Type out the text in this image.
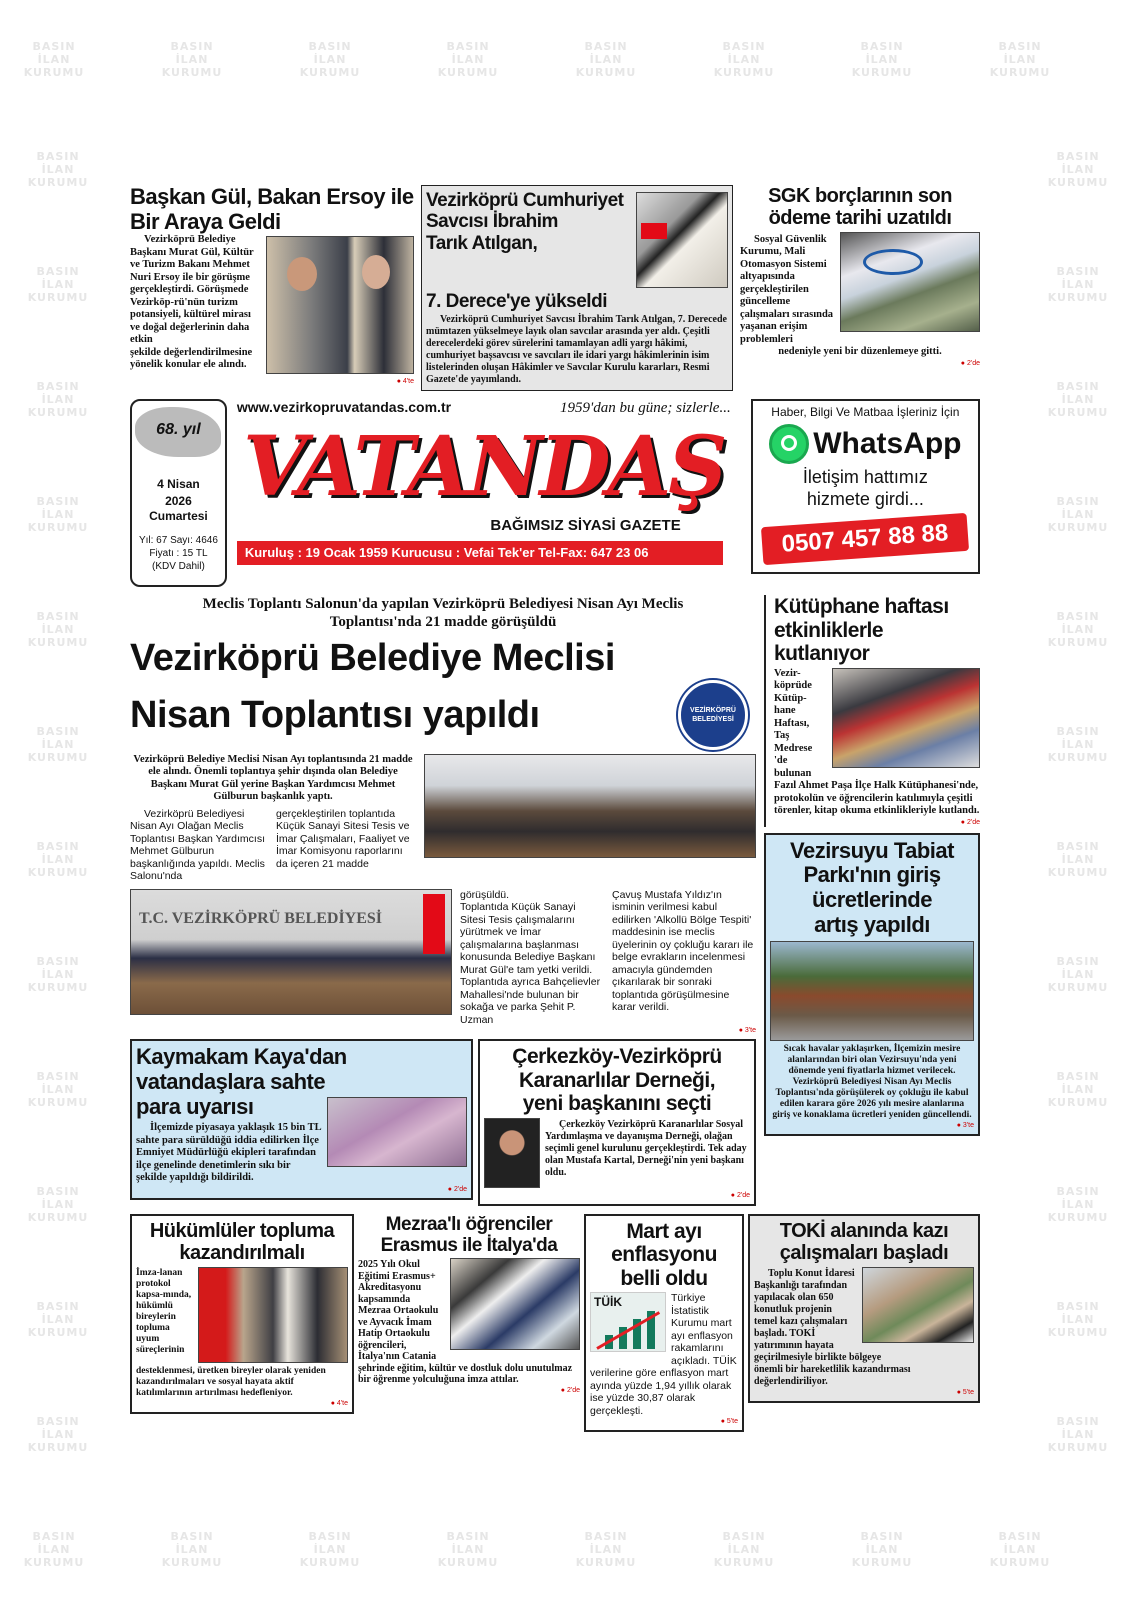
BASIN İLAN
KURUMU
BASIN İLAN
KURUMU
BASIN İLAN
KURUMU
BASIN İLAN
KURUMU
BASIN İLAN
KURUMU
BASIN İLAN
KURUMU
BASIN İLAN
KURUMU
BASIN İLAN
KURUMU
BASIN İLAN
KURUMU
BASIN İLAN
KURUMU
BASIN İLAN
KURUMU
BASIN İLAN
KURUMU
BASIN İLAN
KURUMU
BASIN İLAN
KURUMU
BASIN İLAN
KURUMU
BASIN İLAN
KURUMU
BASIN İLAN
KURUMU
BASIN İLAN
KURUMU
BASIN İLAN
KURUMU
BASIN İLAN
KURUMU
BASIN İLAN
KURUMU
BASIN İLAN
KURUMU
BASIN İLAN
KURUMU
BASIN İLAN
KURUMU
BASIN İLAN
KURUMU
BASIN İLAN
KURUMU
BASIN İLAN
KURUMU
BASIN İLAN
KURUMU
BASIN İLAN
KURUMU
BASIN İLAN
KURUMU
BASIN İLAN
KURUMU
BASIN İLAN
KURUMU
BASIN İLAN
KURUMU
BASIN İLAN
KURUMU
BASIN İLAN
KURUMU
BASIN İLAN
KURUMU
BASIN İLAN
KURUMU
BASIN İLAN
KURUMU
BASIN İLAN
KURUMU
BASIN İLAN
KURUMU
Başkan Gül, Bakan Ersoy ile Bir Araya Geldi

Vezirköprü Belediye Başkanı Murat Gül, Kültür ve Turizm Bakanı Mehmet Nuri Ersoy ile bir görüşme gerçekleştirdi. Görüşmede Vezirköp-rü'nün turizm potansiyeli, kültürel mirası ve doğal değerlerinin daha etkin

şekilde değerlendirilmesine yönelik konular ele alındı.

● 4'te
Vezirköprü Cumhuriyet
Savcısı İbrahim
Tarık Atılgan,
7. Derece'ye yükseldi

Vezirköprü Cumhuriyet Savcısı İbrahim Tarık Atılgan, 7. Derecede mümtazen yükselmeye layık olan savcılar arasında yer aldı. Çeşitli derecelerdeki görev sürelerini tamamlayan adli yargı hâkimi, cumhuriyet başsavcısı ve savcıları ile idari yargı hâkimlerinin isim listelerinden oluşan Hâkimler ve Savcılar Kurulu kararları, Resmi Gazete'de yayımlandı.

SGK borçlarının son
ödeme tarihi uzatıldı

Sosyal Güvenlik Kurumu, Mali Otomasyon Sistemi altyapısında gerçekleştirilen güncelleme çalışmaları sırasında yaşanan erişim problemleri

nedeniyle yeni bir düzenlemeye gitti.

● 2'de
68. yıl
4 Nisan
2026
Cumartesi
Yıl: 67 Sayı: 4646
Fiyatı : 15 TL
(KDV Dahil)
www.vezirkopruvatandas.com.tr	1959'dan bu güne; sizlerle...
VATANDAŞ
BAĞIMSIZ SİYASİ GAZETE
Kuruluş : 19 Ocak 1959 Kurucusu : Vefai Tek'er Tel-Fax: 647 23 06
Haber, Bilgi Ve Matbaa İşleriniz İçin
WhatsApp
İletişim hattımız
hizmete girdi...
0507 457 88 88

Meclis Toplantı Salonun'da yapılan Vezirköprü Belediyesi Nisan Ayı Meclis Toplantısı'nda 21 madde görüşüldü

Vezirköprü Belediye Meclisi
Nisan Toplantısı yapıldı	VEZİRKÖPRÜ BELEDİYESİ

Vezirköprü Belediye Meclisi Nisan Ayı toplantısında 21 madde ele alındı. Önemli toplantıya şehir dışında olan Belediye Başkanı Murat Gül yerine Başkan Yardımcısı Mehmet Gülburun başkanlık yaptı.

Vezirköprü Belediyesi Nisan Ayı Olağan Meclis Toplantısı Başkan Yardımcısı Mehmet Gülburun başkanlığında yapıldı. Meclis Salonu'nda

gerçekleştirilen toplantıda Küçük Sanayi Sitesi Tesis ve İmar Çalışmaları, Faaliyet ve İmar Komisyonu raporlarını da içeren 21 madde

T.C. VEZİRKÖPRÜ BELEDİYESİ

görüşüldü.
Toplantıda Küçük Sanayi Sitesi Tesis çalışmalarını yürütmek ve İmar çalışmalarına başlanması konusunda Belediye Başkanı Murat Gül'e tam yetki verildi.
Toplantıda ayrıca Bahçelievler Mahallesi'nde bulunan bir sokağa ve parka Şehit P. Uzman

Çavuş Mustafa Yıldız'ın isminin verilmesi kabul edilirken 'Alkollü Bölge Tespiti' maddesinin ise meclis üyelerinin oy çokluğu kararı ile belge evrakların incelenmesi amacıyla gündemden çıkarılarak bir sonraki toplantıda görüşülmesine karar verildi.

● 3'te
Kaymakam Kaya'dan
vatandaşlara sahte
para uyarısı

İlçemizde piyasaya yaklaşık 15 bin TL sahte para sürüldüğü iddia edilirken İlçe Emniyet Müdürlüğü ekipleri tarafından ilçe genelinde denetimlerin sıkı bir şekilde yapıldığı bildirildi.

● 2'de
Çerkezköy-Vezirköprü
Karanarlılar Derneği,
yeni başkanını seçti

Çerkezköy Vezirköprü Karanarlılar Sosyal Yardımlaşma ve dayanışma Derneği, olağan seçimli genel kurulunu gerçekleştirdi. Tek aday olan Mustafa Kartal, Derneği'nin yeni başkanı oldu.

● 2'de
Kütüphane haftası
etkinliklerle
kutlanıyor

Vezir-köprüde Kütüp-hane Haftası, Taş Medrese

'de bulunan Fazıl Ahmet Paşa İlçe Halk Kütüphanesi'nde, protokolün ve öğrencilerin katılımıyla çeşitli törenler, kitap okuma etkinlikleriyle kutlandı.

● 2'de
Vezirsuyu Tabiat
Parkı'nın giriş
ücretlerinde
artış yapıldı

Sıcak havalar yaklaşırken, İlçemizin mesire alanlarından biri olan Vezirsuyu'nda yeni dönemde yeni fiyatlarla hizmet verilecek.
Vezirköprü Belediyesi Nisan Ayı Meclis Toplantısı'nda görüşülerek oy çokluğu ile kabul edilen karara göre 2026 yılı mesire alanlarına giriş ve konaklama ücretleri yeniden güncellendi.

● 3'te
Hükümlüler topluma
kazandırılmalı

İmza-lanan protokol kapsa-mında, hükümlü bireylerin topluma uyum

süreçlerinin desteklenmesi, üretken bireyler olarak yeniden kazandırılmaları ve sosyal hayata aktif katılımlarının artırılması hedefleniyor.

● 4'te
Mezraa'lı öğrenciler
Erasmus ile İtalya'da

2025 Yılı Okul Eğitimi Erasmus+ Akreditasyonu kapsamında Mezraa Ortaokulu ve Ayvacık İmam

Hatip Ortaokulu öğrencileri, İtalya'nın Catania şehrinde eğitim, kültür ve dostluk dolu unutulmaz bir öğrenme yolculuğuna imza attılar.

● 2'de
Mart ayı
enflasyonu
belli oldu
TÜİK	Türkiye İstatistik Kurumu mart ayı enflasyon rakamlarını

açıkladı. TÜİK verilerine göre enflasyon mart ayında yüzde 1,94 yıllık olarak ise yüzde 30,87 olarak gerçekleşti.

● 5'te
TOKİ alanında kazı
çalışmaları başladı

Toplu Konut İdaresi Başkanlığı tarafından yapılacak olan 650 konutluk projenin temel kazı çalışmaları başladı. TOKİ yatırımının hayata geçirilmesiyle birlikte bölgeye

önemli bir hareketlilik kazandırması değerlendiriliyor.

● 5'te
